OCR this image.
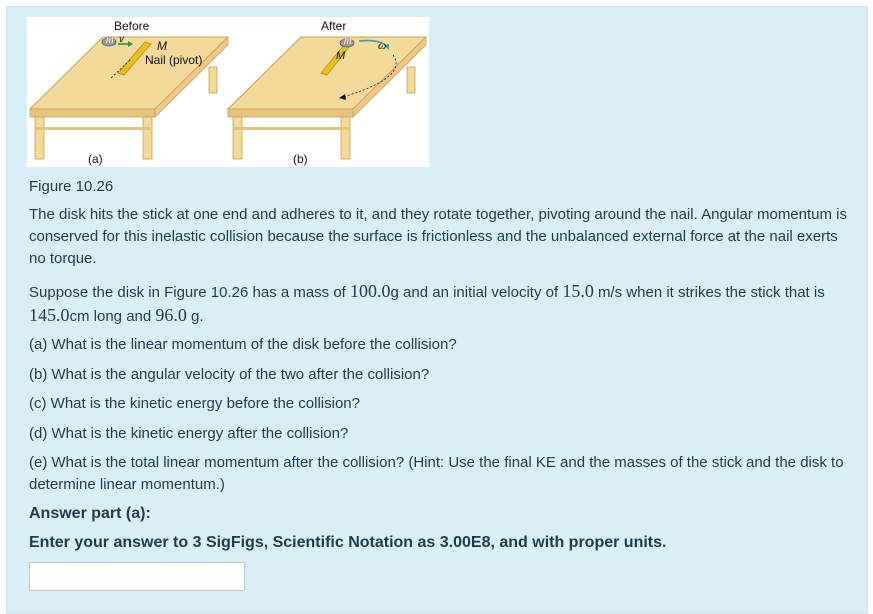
Before	After
m v	M
Nail (pivot)
m
M
ω
(a)	(b)
Figure 10.26
The disk hits the stick at one end and adheres to it, and they rotate together, pivoting around the nail. Angular momentum is conserved for this inelastic collision because the surface is frictionless and the unbalanced external force at the nail exerts no torque.
Suppose the disk in Figure 10.26 has a mass of 100.0g and an initial velocity of 15.0 m/s when it strikes the stick that is 145.0cm long and 96.0 g.
(a) What is the linear momentum of the disk before the collision?
(b) What is the angular velocity of the two after the collision?
(c) What is the kinetic energy before the collision?
(d) What is the kinetic energy after the collision?
(e) What is the total linear momentum after the collision? (Hint: Use the final KE and the masses of the stick and the disk to determine linear momentum.)
Answer part (a):
Enter your answer to 3 SigFigs, Scientific Notation as 3.00E8, and with proper units.
